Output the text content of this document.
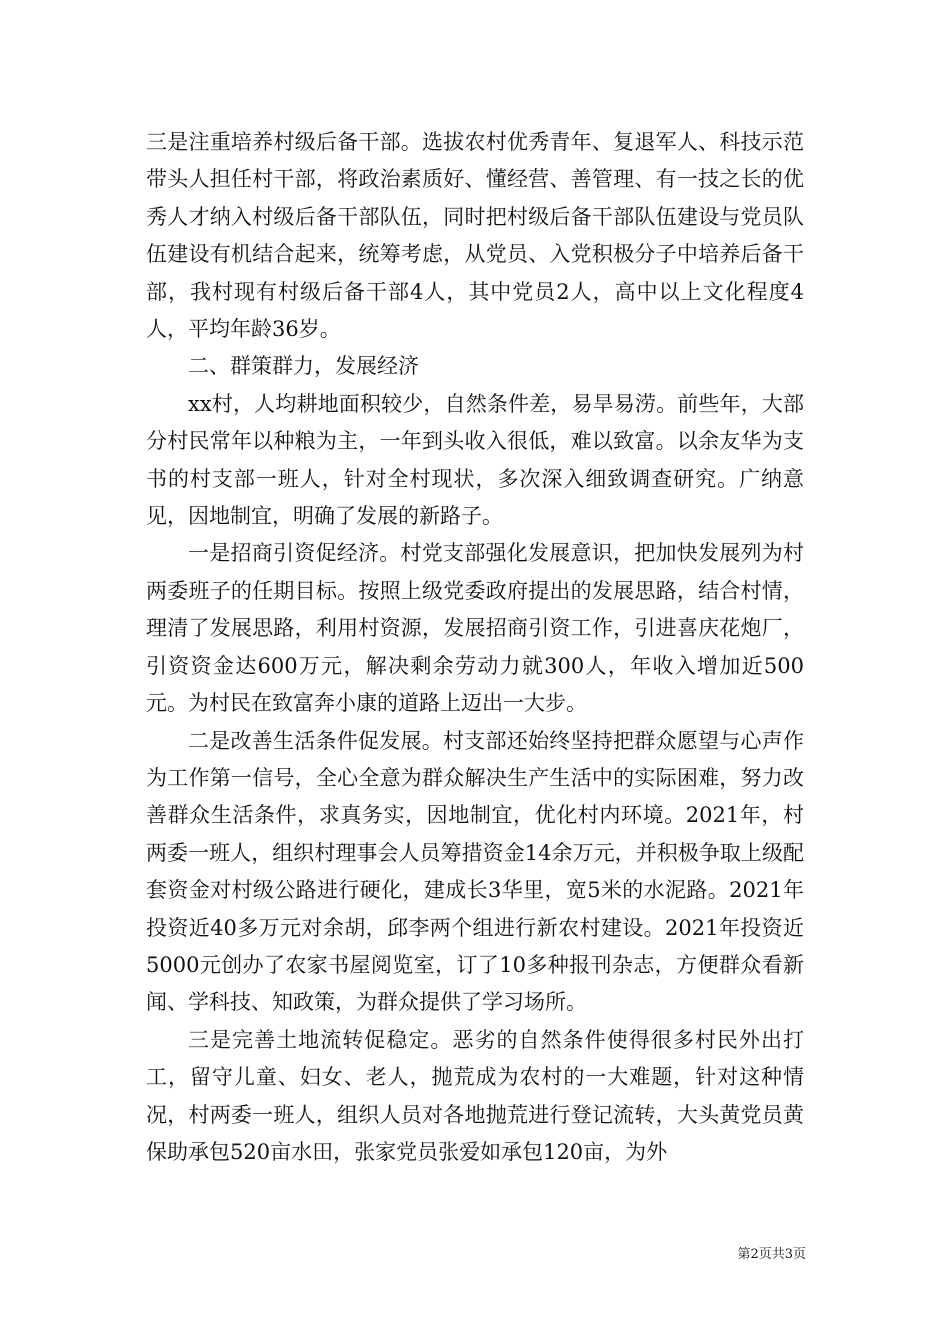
三是注重培养村级后备干部。选拔农村优秀青年、复退军人、科技示范带头人担任村干部，将政治素质好、懂经营、善管理、有一技之长的优秀人才纳入村级后备干部队伍，同时把村级后备干部队伍建设与党员队伍建设有机结合起来，统筹考虑，从党员、入党积极分子中培养后备干部，我村现有村级后备干部4人，其中党员2人，高中以上文化程度4人，平均年龄36岁。

二、群策群力，发展经济

xx村，人均耕地面积较少，自然条件差，易旱易涝。前些年，大部分村民常年以种粮为主，一年到头收入很低，难以致富。以余友华为支书的村支部一班人，针对全村现状，多次深入细致调查研究。广纳意见，因地制宜，明确了发展的新路子。

一是招商引资促经济。村党支部强化发展意识，把加快发展列为村两委班子的任期目标。按照上级党委政府提出的发展思路，结合村情，理清了发展思路，利用村资源，发展招商引资工作，引进喜庆花炮厂，引资资金达600万元，解决剩余劳动力就300人，年收入增加近500元。为村民在致富奔小康的道路上迈出一大步。

二是改善生活条件促发展。村支部还始终坚持把群众愿望与心声作为工作第一信号，全心全意为群众解决生产生活中的实际困难，努力改善群众生活条件，求真务实，因地制宜，优化村内环境。2021年，村两委一班人，组织村理事会人员筹措资金14余万元，并积极争取上级配套资金对村级公路进行硬化，建成长3华里，宽5米的水泥路。2021年投资近40多万元对余胡，邱李两个组进行新农村建设。2021年投资近5000元创办了农家书屋阅览室，订了10多种报刊杂志，方便群众看新闻、学科技、知政策，为群众提供了学习场所。

三是完善土地流转促稳定。恶劣的自然条件使得很多村民外出打工，留守儿童、妇女、老人，抛荒成为农村的一大难题，针对这种情况，村两委一班人，组织人员对各地抛荒进行登记流转，大头黄党员黄保助承包520亩水田，张家党员张爱如承包120亩，为外

第2页共3页
